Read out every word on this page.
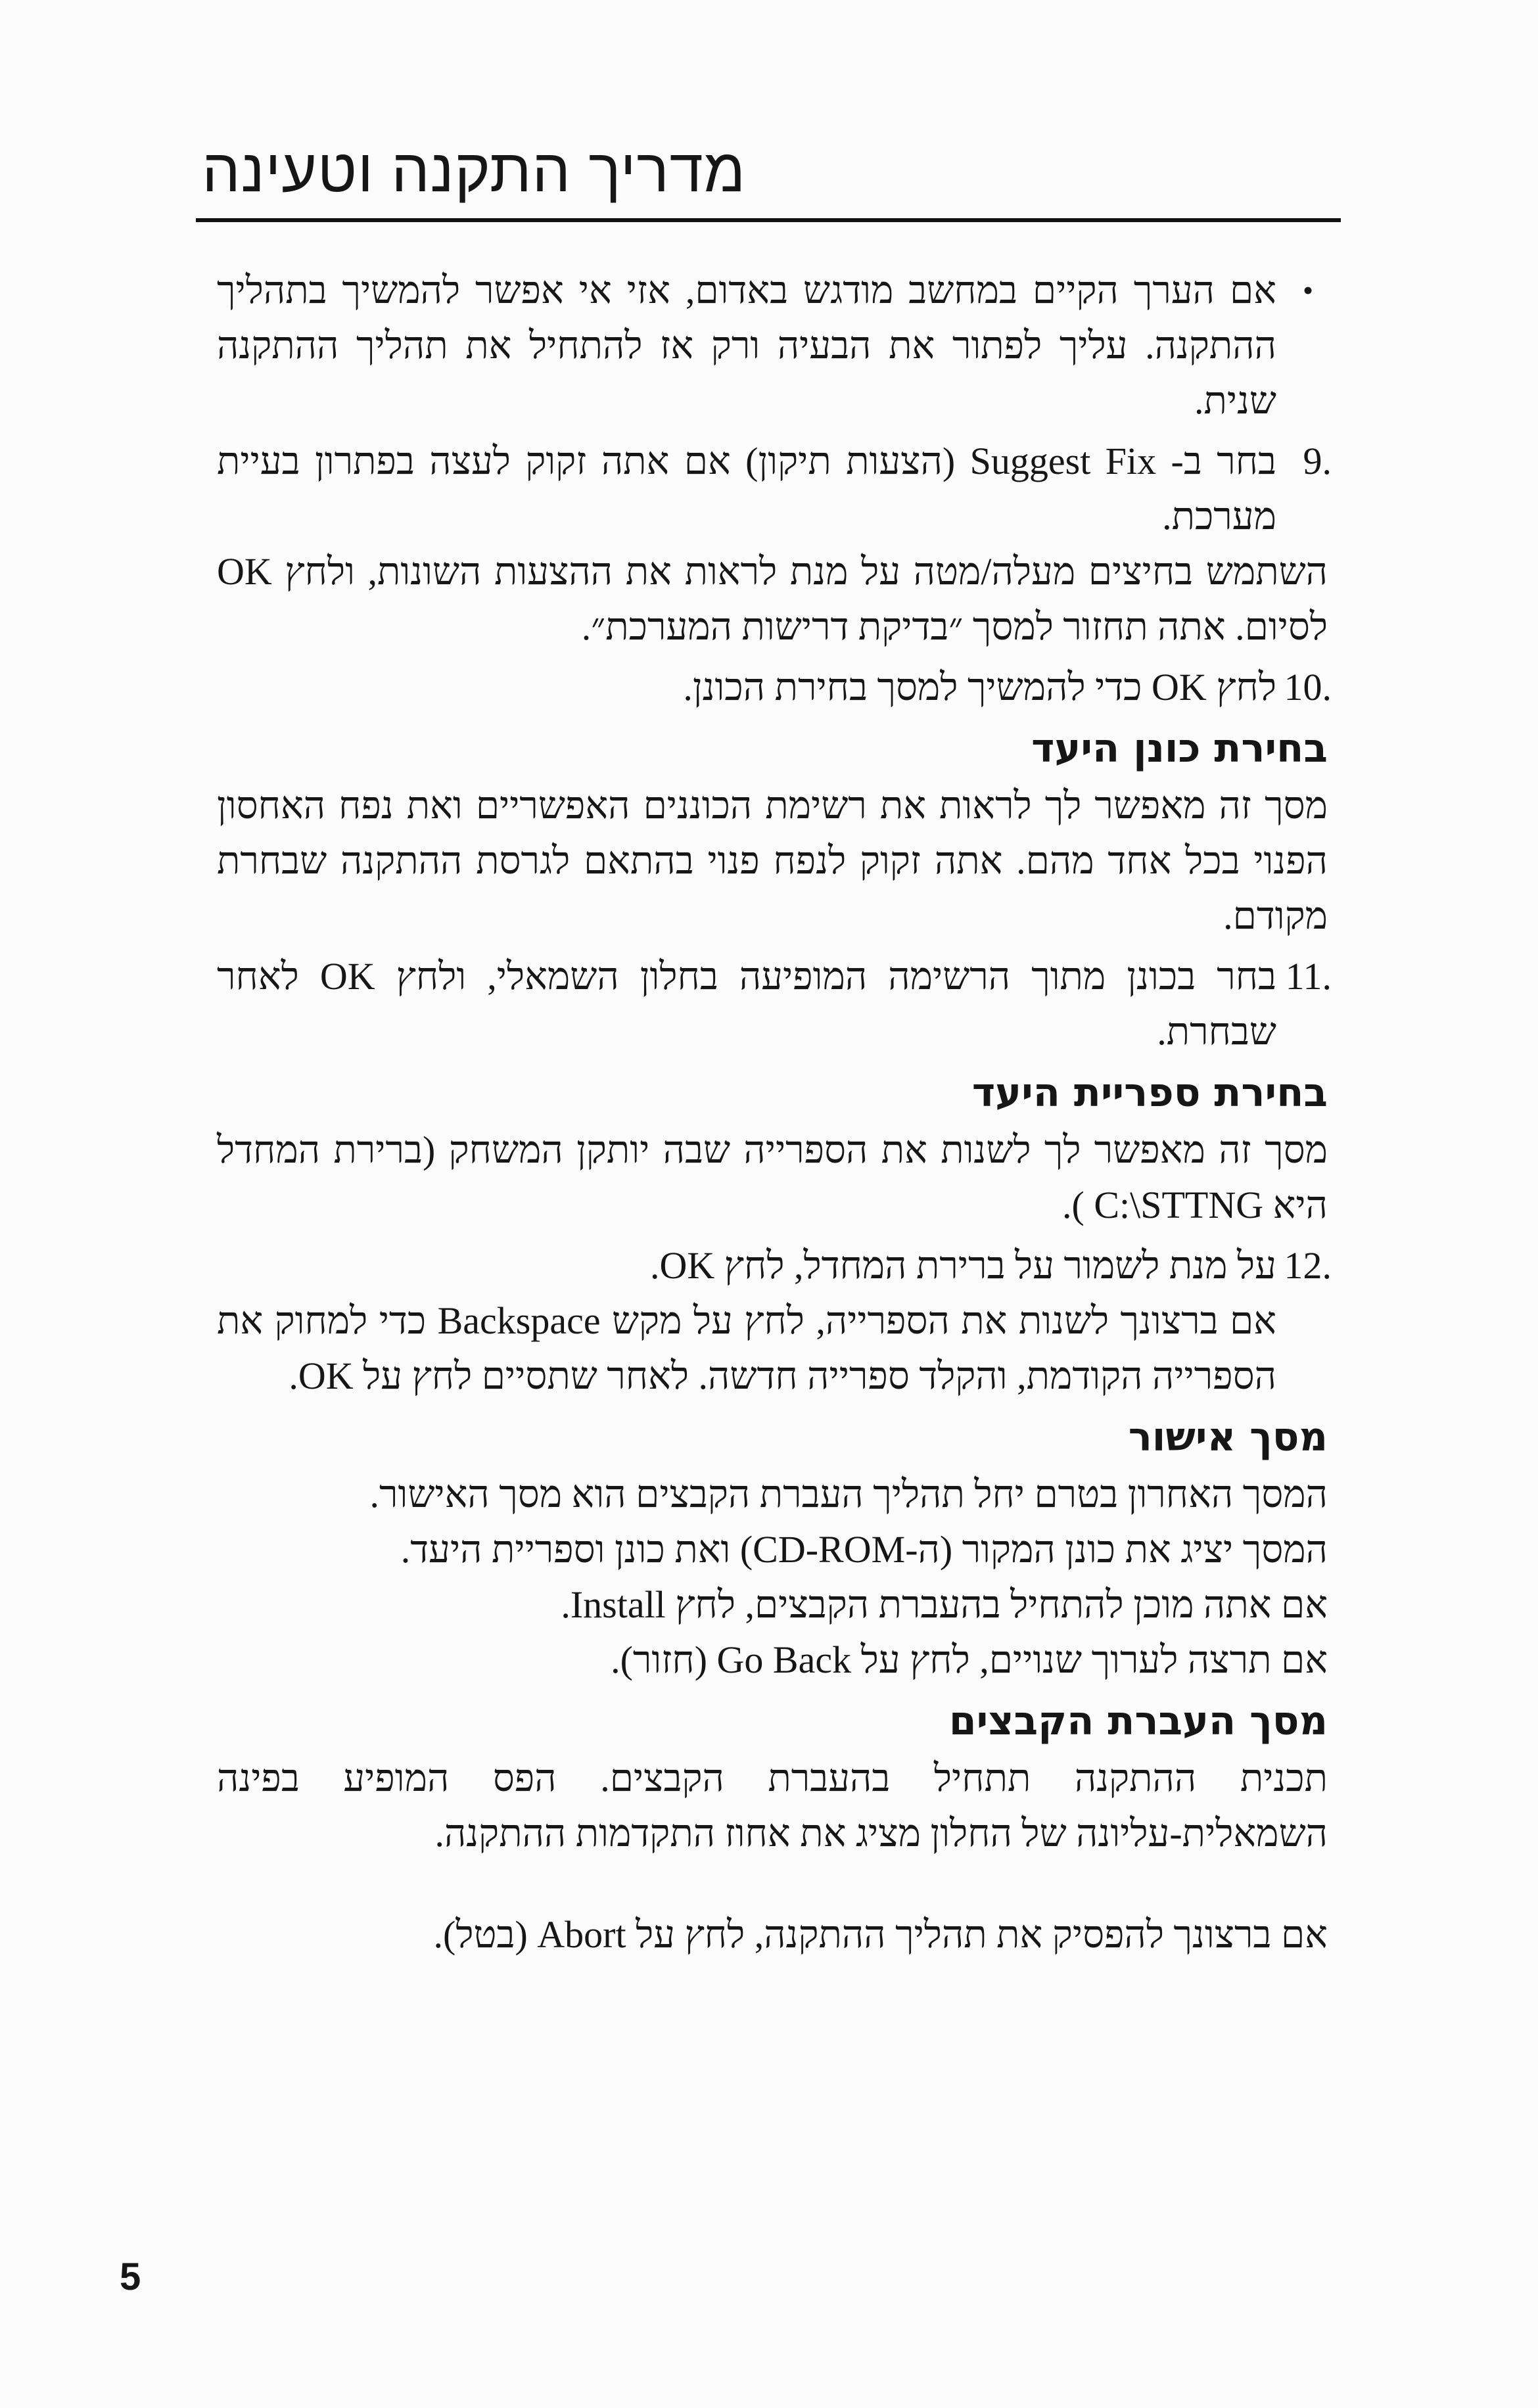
מדריך התקנה וטעינה
•
אם הערך הקיים במחשב מודגש באדום, אזי אי אפשר להמשיך בתהליך ההתקנה. עליך לפתור את הבעיה ורק אז להתחיל את תהליך ההתקנה שנית.
9.
בחר ב- Suggest Fix (הצעות תיקון) אם אתה זקוק לעצה בפתרון בעיית מערכת.

השתמש בחיצים מעלה/מטה על מנת לראות את ההצעות השונות, ולחץ OK לסיום. אתה תחזור למסך ״בדיקת דרישות המערכת״.

10.
לחץ OK כדי להמשיך למסך בחירת הכונן.
בחירת כונן היעד

מסך זה מאפשר לך לראות את רשימת הכוננים האפשריים ואת נפח האחסון הפנוי בכל אחד מהם. אתה זקוק לנפח פנוי בהתאם לגרסת ההתקנה שבחרת מקודם.

11.
בחר בכונן מתוך הרשימה המופיעה בחלון השמאלי, ולחץ OK לאחר שבחרת.
בחירת ספריית היעד

מסך זה מאפשר לך לשנות את הספרייה שבה יותקן המשחק (ברירת המחדל היא C:\STTNG ).

12.
על מנת לשמור על ברירת המחדל, לחץ OK.

אם ברצונך לשנות את הספרייה, לחץ על מקש Backspace כדי למחוק את הספרייה הקודמת, והקלד ספרייה חדשה. לאחר שתסיים לחץ על OK.

מסך אישור

המסך האחרון בטרם יחל תהליך העברת הקבצים הוא מסך האישור.

המסך יציג את כונן המקור (ה-CD-ROM) ואת כונן וספריית היעד.

אם אתה מוכן להתחיל בהעברת הקבצים, לחץ Install.

אם תרצה לערוך שנויים, לחץ על Go Back (חזור).

מסך העברת הקבצים

תכנית ההתקנה תתחיל בהעברת הקבצים. הפס המופיע בפינה השמאלית-עליונה של החלון מציג את אחוז התקדמות ההתקנה.

אם ברצונך להפסיק את תהליך ההתקנה, לחץ על Abort (בטל).

5
